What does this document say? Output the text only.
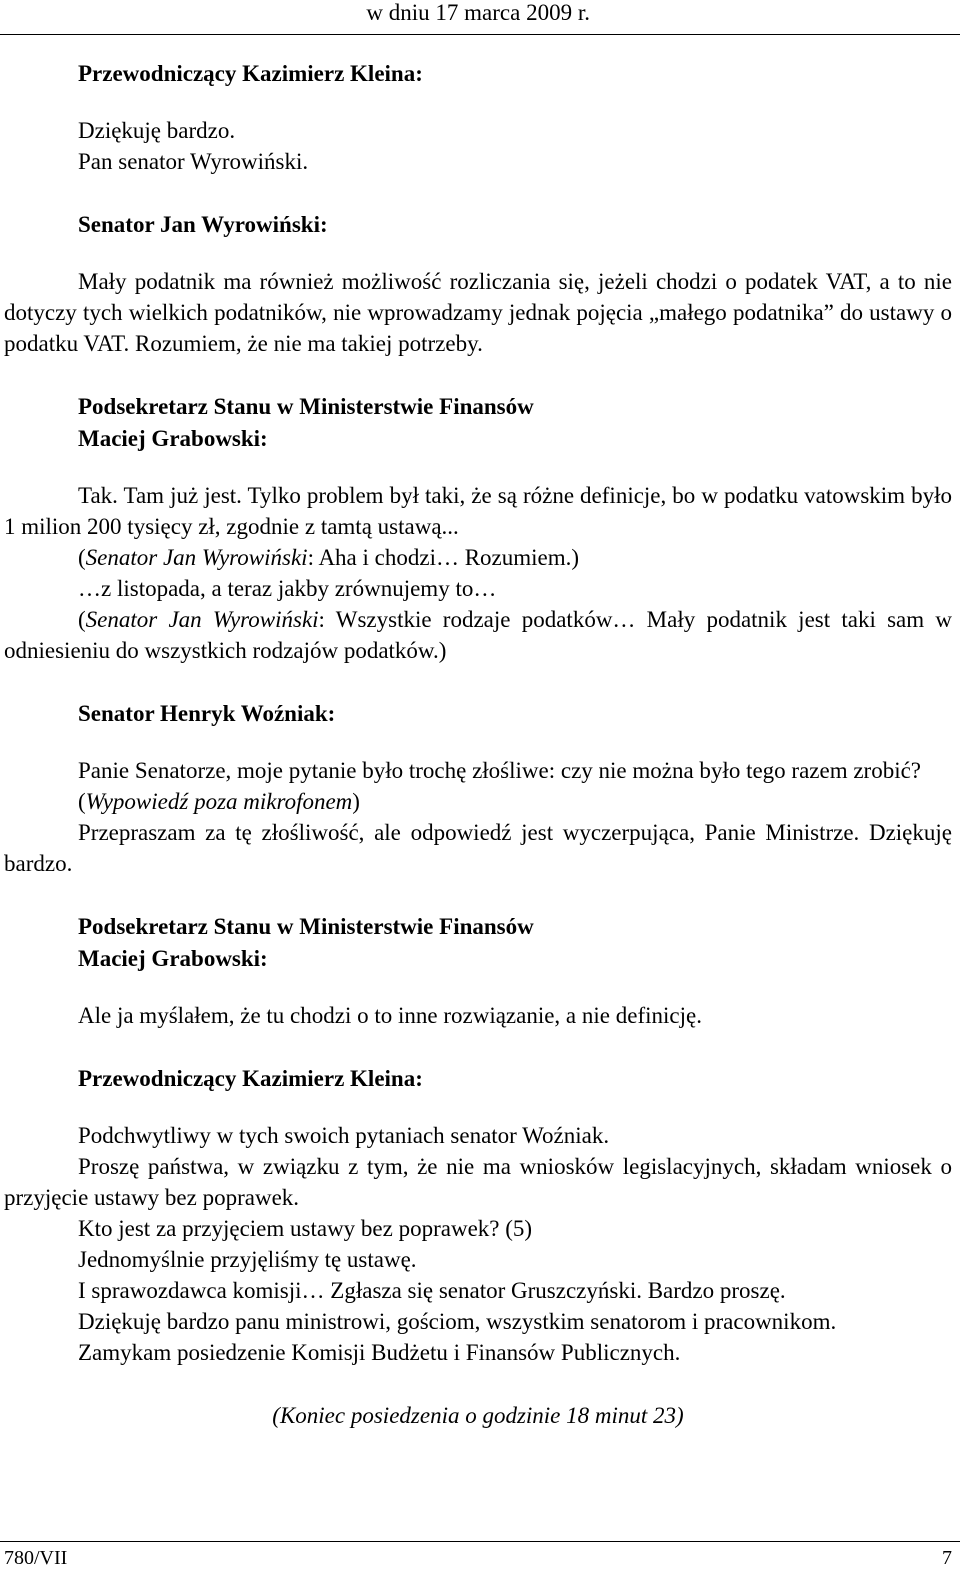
w dniu 17 marca 2009 r.

Przewodniczący Kazimierz Kleina:

Dziękuję bardzo.

Pan senator Wyrowiński.

Senator Jan Wyrowiński:

Mały podatnik ma również możliwość rozliczania się, jeżeli chodzi o podatek VAT, a to nie dotyczy tych wielkich podatników, nie wprowadzamy jednak pojęcia „małego podatnika” do ustawy o podatku VAT. Rozumiem, że nie ma takiej potrzeby.

Podsekretarz Stanu w Ministerstwie Finansów

Maciej Grabowski:

Tak. Tam już jest. Tylko problem był taki, że są różne definicje, bo w podatku vatowskim było 1 milion 200 tysięcy zł, zgodnie z tamtą ustawą...

(Senator Jan Wyrowiński: Aha i chodzi… Rozumiem.)

…z listopada, a teraz jakby zrównujemy to…

(Senator Jan Wyrowiński: Wszystkie rodzaje podatków… Mały podatnik jest taki sam w odniesieniu do wszystkich rodzajów podatków.)

Senator Henryk Woźniak:

Panie Senatorze, moje pytanie było trochę złośliwe: czy nie można było tego razem zrobić?

(Wypowiedź poza mikrofonem)

Przepraszam za tę złośliwość, ale odpowiedź jest wyczerpująca, Panie Ministrze. Dziękuję bardzo.

Podsekretarz Stanu w Ministerstwie Finansów

Maciej Grabowski:

Ale ja myślałem, że tu chodzi o to inne rozwiązanie, a nie definicję.

Przewodniczący Kazimierz Kleina:

Podchwytliwy w tych swoich pytaniach senator Woźniak.

Proszę państwa, w związku z tym, że nie ma wniosków legislacyjnych, składam wniosek o przyjęcie ustawy bez poprawek.

Kto jest za przyjęciem ustawy bez poprawek? (5)

Jednomyślnie przyjęliśmy tę ustawę.

I sprawozdawca komisji… Zgłasza się senator Gruszczyński. Bardzo proszę.

Dziękuję bardzo panu ministrowi, gościom, wszystkim senatorom i pracownikom.

Zamykam posiedzenie Komisji Budżetu i Finansów Publicznych.

(Koniec posiedzenia o godzinie 18 minut 23)

780/VII	7
